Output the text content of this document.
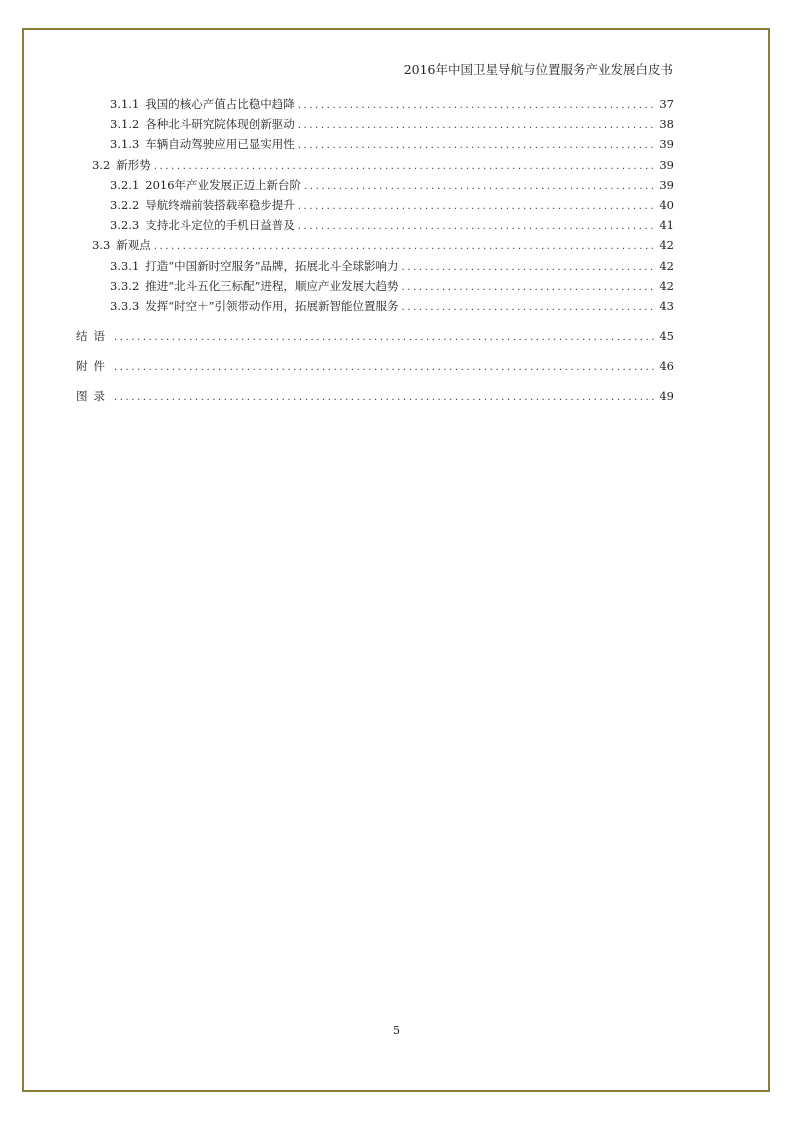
2016年中国卫星导航与位置服务产业发展白皮书
3.1.1 我国的核心产值占比稳中趋降 .....	37
3.1.2 各种北斗研究院体现创新驱动 .....	38
3.1.3 车辆自动驾驶应用已显实用性 .....	39
3.2 新形势 .....	39
3.2.1 2016年产业发展正迈上新台阶 .....	39
3.2.2 导航终端前装搭载率稳步提升 .....	40
3.2.3 支持北斗定位的手机日益普及 .....	41
3.3 新观点 .....	42
3.3.1 打造“中国新时空服务”品牌，拓展北斗全球影响力 .....	42
3.3.2 推进“北斗五化三标配”进程，顺应产业发展大趋势 .....	42
3.3.3 发挥“时空＋”引领带动作用，拓展新智能位置服务 .....	43
结语 .....	45
附件 .....	46
图录 .....	49
5
